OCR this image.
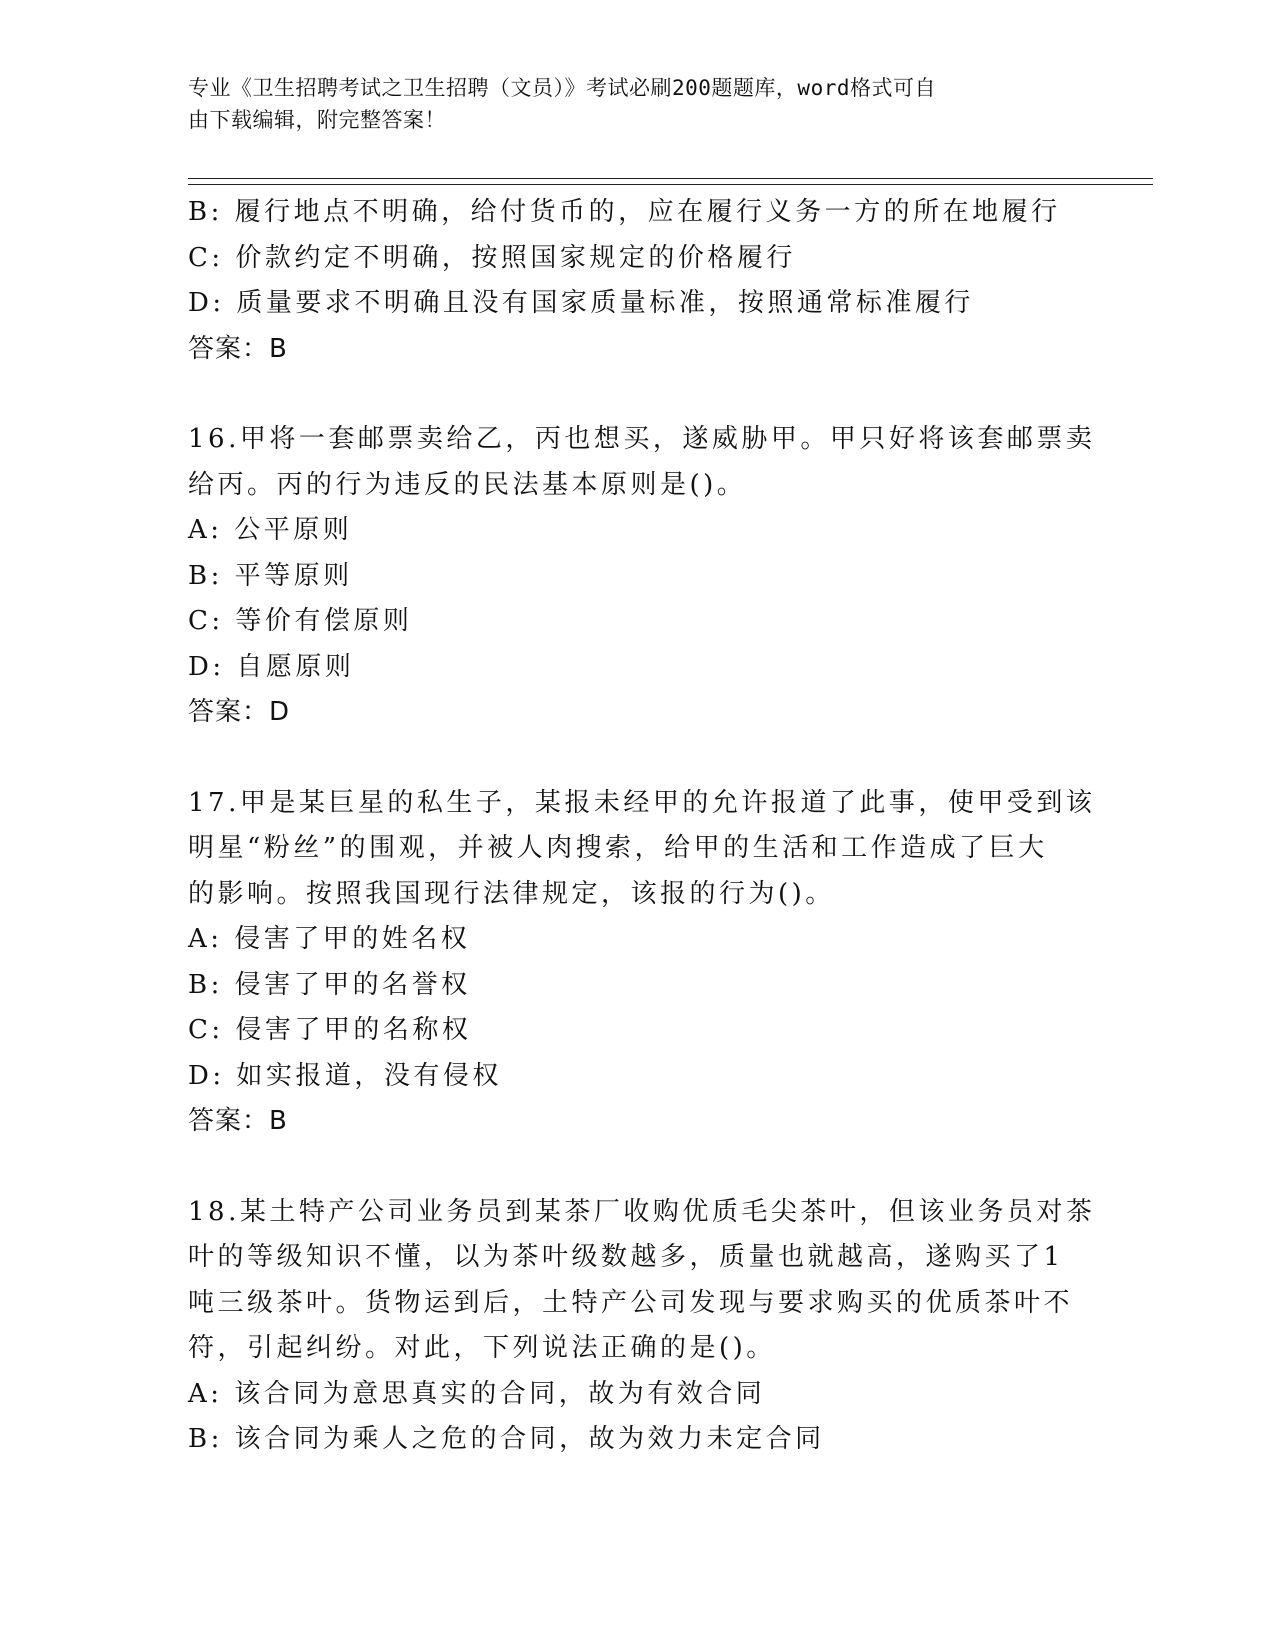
专业《卫生招聘考试之卫生招聘（文员）》考试必刷200题题库，word格式可自
由下载编辑，附完整答案！
B: 履行地点不明确，给付货币的，应在履行义务一方的所在地履行
C: 价款约定不明确，按照国家规定的价格履行
D: 质量要求不明确且没有国家质量标准，按照通常标准履行
答案：B
16.甲将一套邮票卖给乙，丙也想买，遂威胁甲。甲只好将该套邮票卖
给丙。丙的行为违反的民法基本原则是()。
A: 公平原则
B: 平等原则
C: 等价有偿原则
D: 自愿原则
答案：D
17.甲是某巨星的私生子，某报未经甲的允许报道了此事，使甲受到该
明星“粉丝”的围观，并被人肉搜索，给甲的生活和工作造成了巨大
的影响。按照我国现行法律规定，该报的行为()。
A: 侵害了甲的姓名权
B: 侵害了甲的名誉权
C: 侵害了甲的名称权
D: 如实报道，没有侵权
答案：B
18.某土特产公司业务员到某茶厂收购优质毛尖茶叶，但该业务员对茶
叶的等级知识不懂，以为茶叶级数越多，质量也就越高，遂购买了1
吨三级茶叶。货物运到后，土特产公司发现与要求购买的优质茶叶不
符，引起纠纷。对此，下列说法正确的是()。
A: 该合同为意思真实的合同，故为有效合同
B: 该合同为乘人之危的合同，故为效力未定合同
